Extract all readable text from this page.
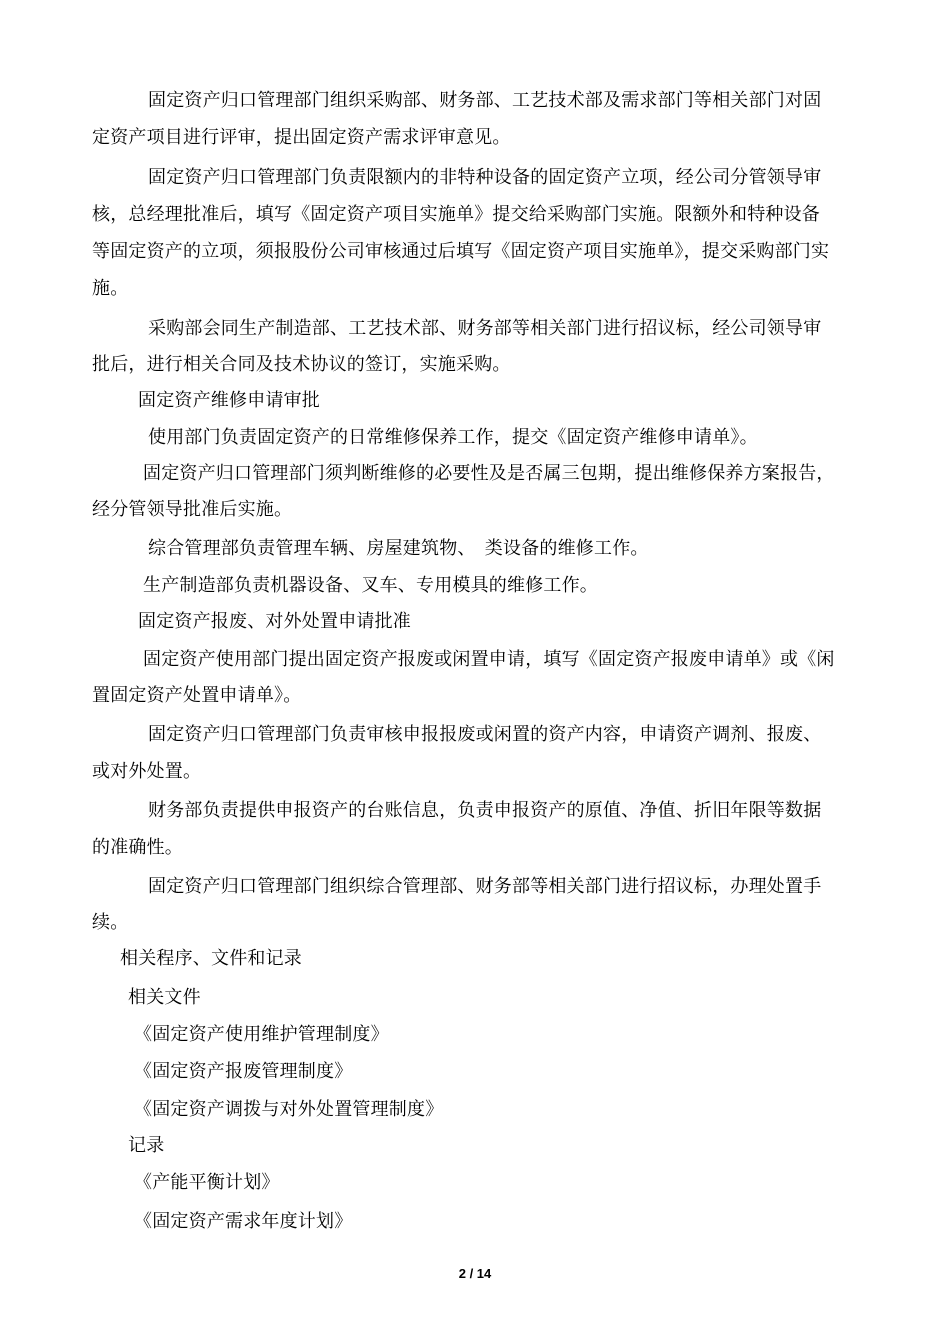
固定资产归口管理部门组织采购部、财务部、工艺技术部及需求部门等相关部门对固
定资产项目进行评审，提出固定资产需求评审意见。
固定资产归口管理部门负责限额内的非特种设备的固定资产立项，经公司分管领导审
核，总经理批准后，填写《固定资产项目实施单》提交给采购部门实施。限额外和特种设备
等固定资产的立项，须报股份公司审核通过后填写《固定资产项目实施单》，提交采购部门实
施。
采购部会同生产制造部、工艺技术部、财务部等相关部门进行招议标，经公司领导审
批后，进行相关合同及技术协议的签订，实施采购。
固定资产维修申请审批
使用部门负责固定资产的日常维修保养工作，提交《固定资产维修申请单》。
固定资产归口管理部门须判断维修的必要性及是否属三包期，提出维修保养方案报告，
经分管领导批准后实施。
综合管理部负责管理车辆、房屋建筑物、　类设备的维修工作。
生产制造部负责机器设备、叉车、专用模具的维修工作。
固定资产报废、对外处置申请批准
固定资产使用部门提出固定资产报废或闲置申请，填写《固定资产报废申请单》或《闲
置固定资产处置申请单》。
固定资产归口管理部门负责审核申报报废或闲置的资产内容，申请资产调剂、报废、
或对外处置。
财务部负责提供申报资产的台账信息，负责申报资产的原值、净值、折旧年限等数据
的准确性。
固定资产归口管理部门组织综合管理部、财务部等相关部门进行招议标，办理处置手
续。
相关程序、文件和记录
相关文件
《固定资产使用维护管理制度》
《固定资产报废管理制度》
《固定资产调拨与对外处置管理制度》
记录
《产能平衡计划》
《固定资产需求年度计划》
2 / 14
